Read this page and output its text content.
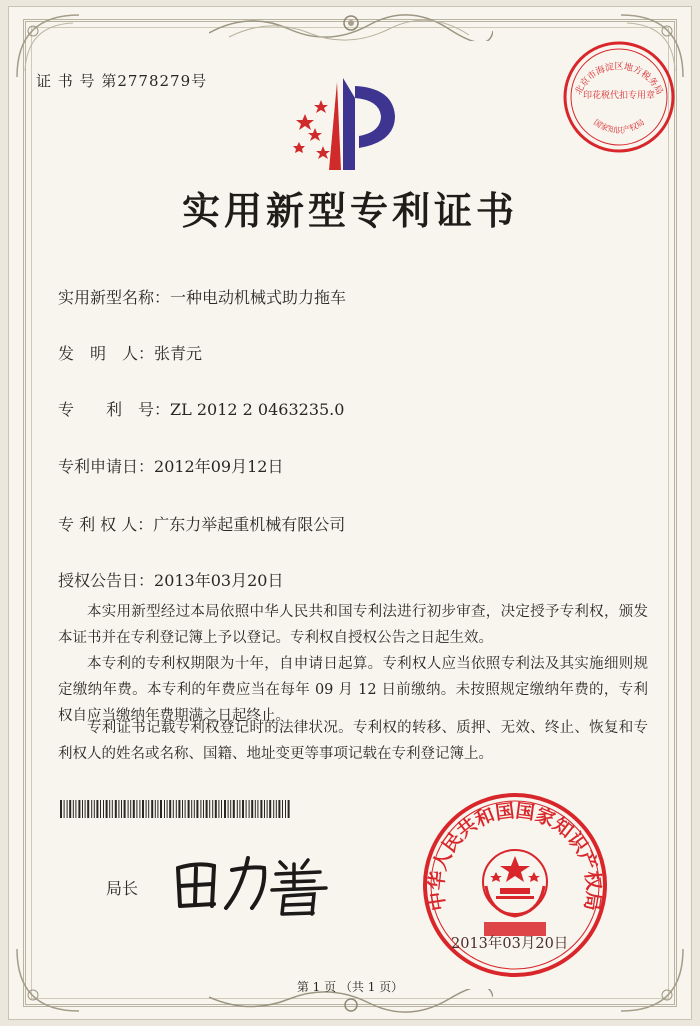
证 书 号 第2778279号
北京市海淀区地方税务局
印花税代扣专用章
国家知识产权局
实用新型专利证书
实用新型名称：一种电动机械式助力拖车
发　明　人：张青元
专　　利　号：ZL 2012 2 0463235.0
专利申请日：2012年09月12日
专 利 权 人：广东力举起重机械有限公司
授权公告日：2013年03月20日
本实用新型经过本局依照中华人民共和国专利法进行初步审查，决定授予专利权，颁发本证书并在专利登记簿上予以登记。专利权自授权公告之日起生效。
本专利的专利权期限为十年，自申请日起算。专利权人应当依照专利法及其实施细则规定缴纳年费。本专利的年费应当在每年 09 月 12 日前缴纳。未按照规定缴纳年费的，专利权自应当缴纳年费期满之日起终止。
专利证书记载专利权登记时的法律状况。专利权的转移、质押、无效、终止、恢复和专利权人的姓名或名称、国籍、地址变更等事项记载在专利登记簿上。
局长
中华人民共和国国家知识产权局
2013年03月20日
第 1 页 （共 1 页）
